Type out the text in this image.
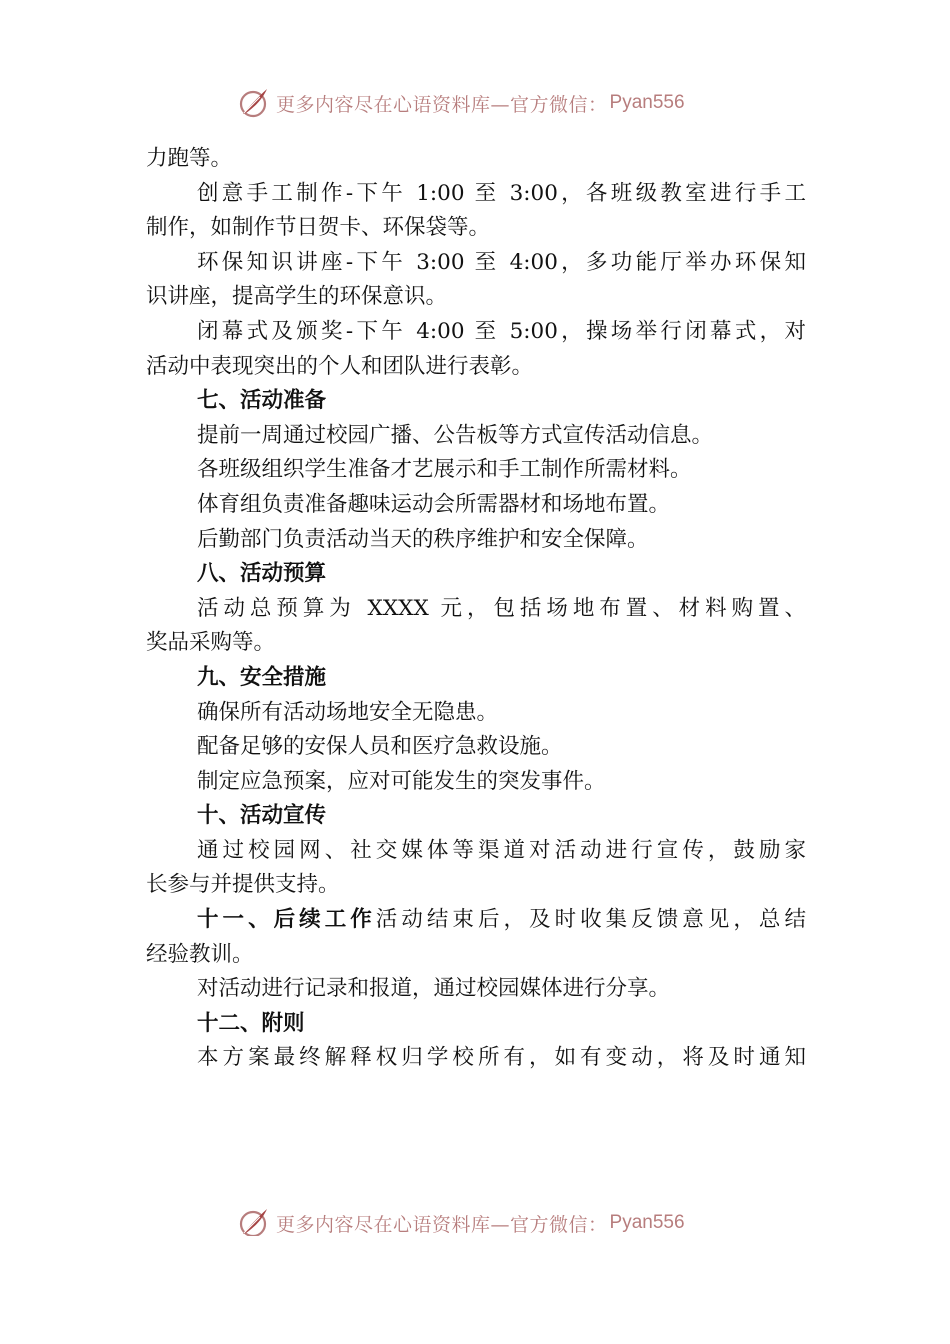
更多内容尽在心语资料库—官方微信： Pyan556
力跑等。
创意手工制作-下午 1:00 至 3:00，各班级教室进行手工
制作，如制作节日贺卡、环保袋等。
环保知识讲座-下午 3:00 至 4:00，多功能厅举办环保知
识讲座，提高学生的环保意识。
闭幕式及颁奖-下午 4:00 至 5:00，操场举行闭幕式，对
活动中表现突出的个人和团队进行表彰。
七、活动准备
提前一周通过校园广播、公告板等方式宣传活动信息。
各班级组织学生准备才艺展示和手工制作所需材料。
体育组负责准备趣味运动会所需器材和场地布置。
后勤部门负责活动当天的秩序维护和安全保障。
八、活动预算
活动总预算为 XXXX 元，包括场地布置、材料购置、
奖品采购等。
九、安全措施
确保所有活动场地安全无隐患。
配备足够的安保人员和医疗急救设施。
制定应急预案，应对可能发生的突发事件。
十、活动宣传
通过校园网、社交媒体等渠道对活动进行宣传，鼓励家
长参与并提供支持。
十一、后续工作活动结束后，及时收集反馈意见，总结
经验教训。
对活动进行记录和报道，通过校园媒体进行分享。
十二、附则
本方案最终解释权归学校所有，如有变动，将及时通知
更多内容尽在心语资料库—官方微信： Pyan556
